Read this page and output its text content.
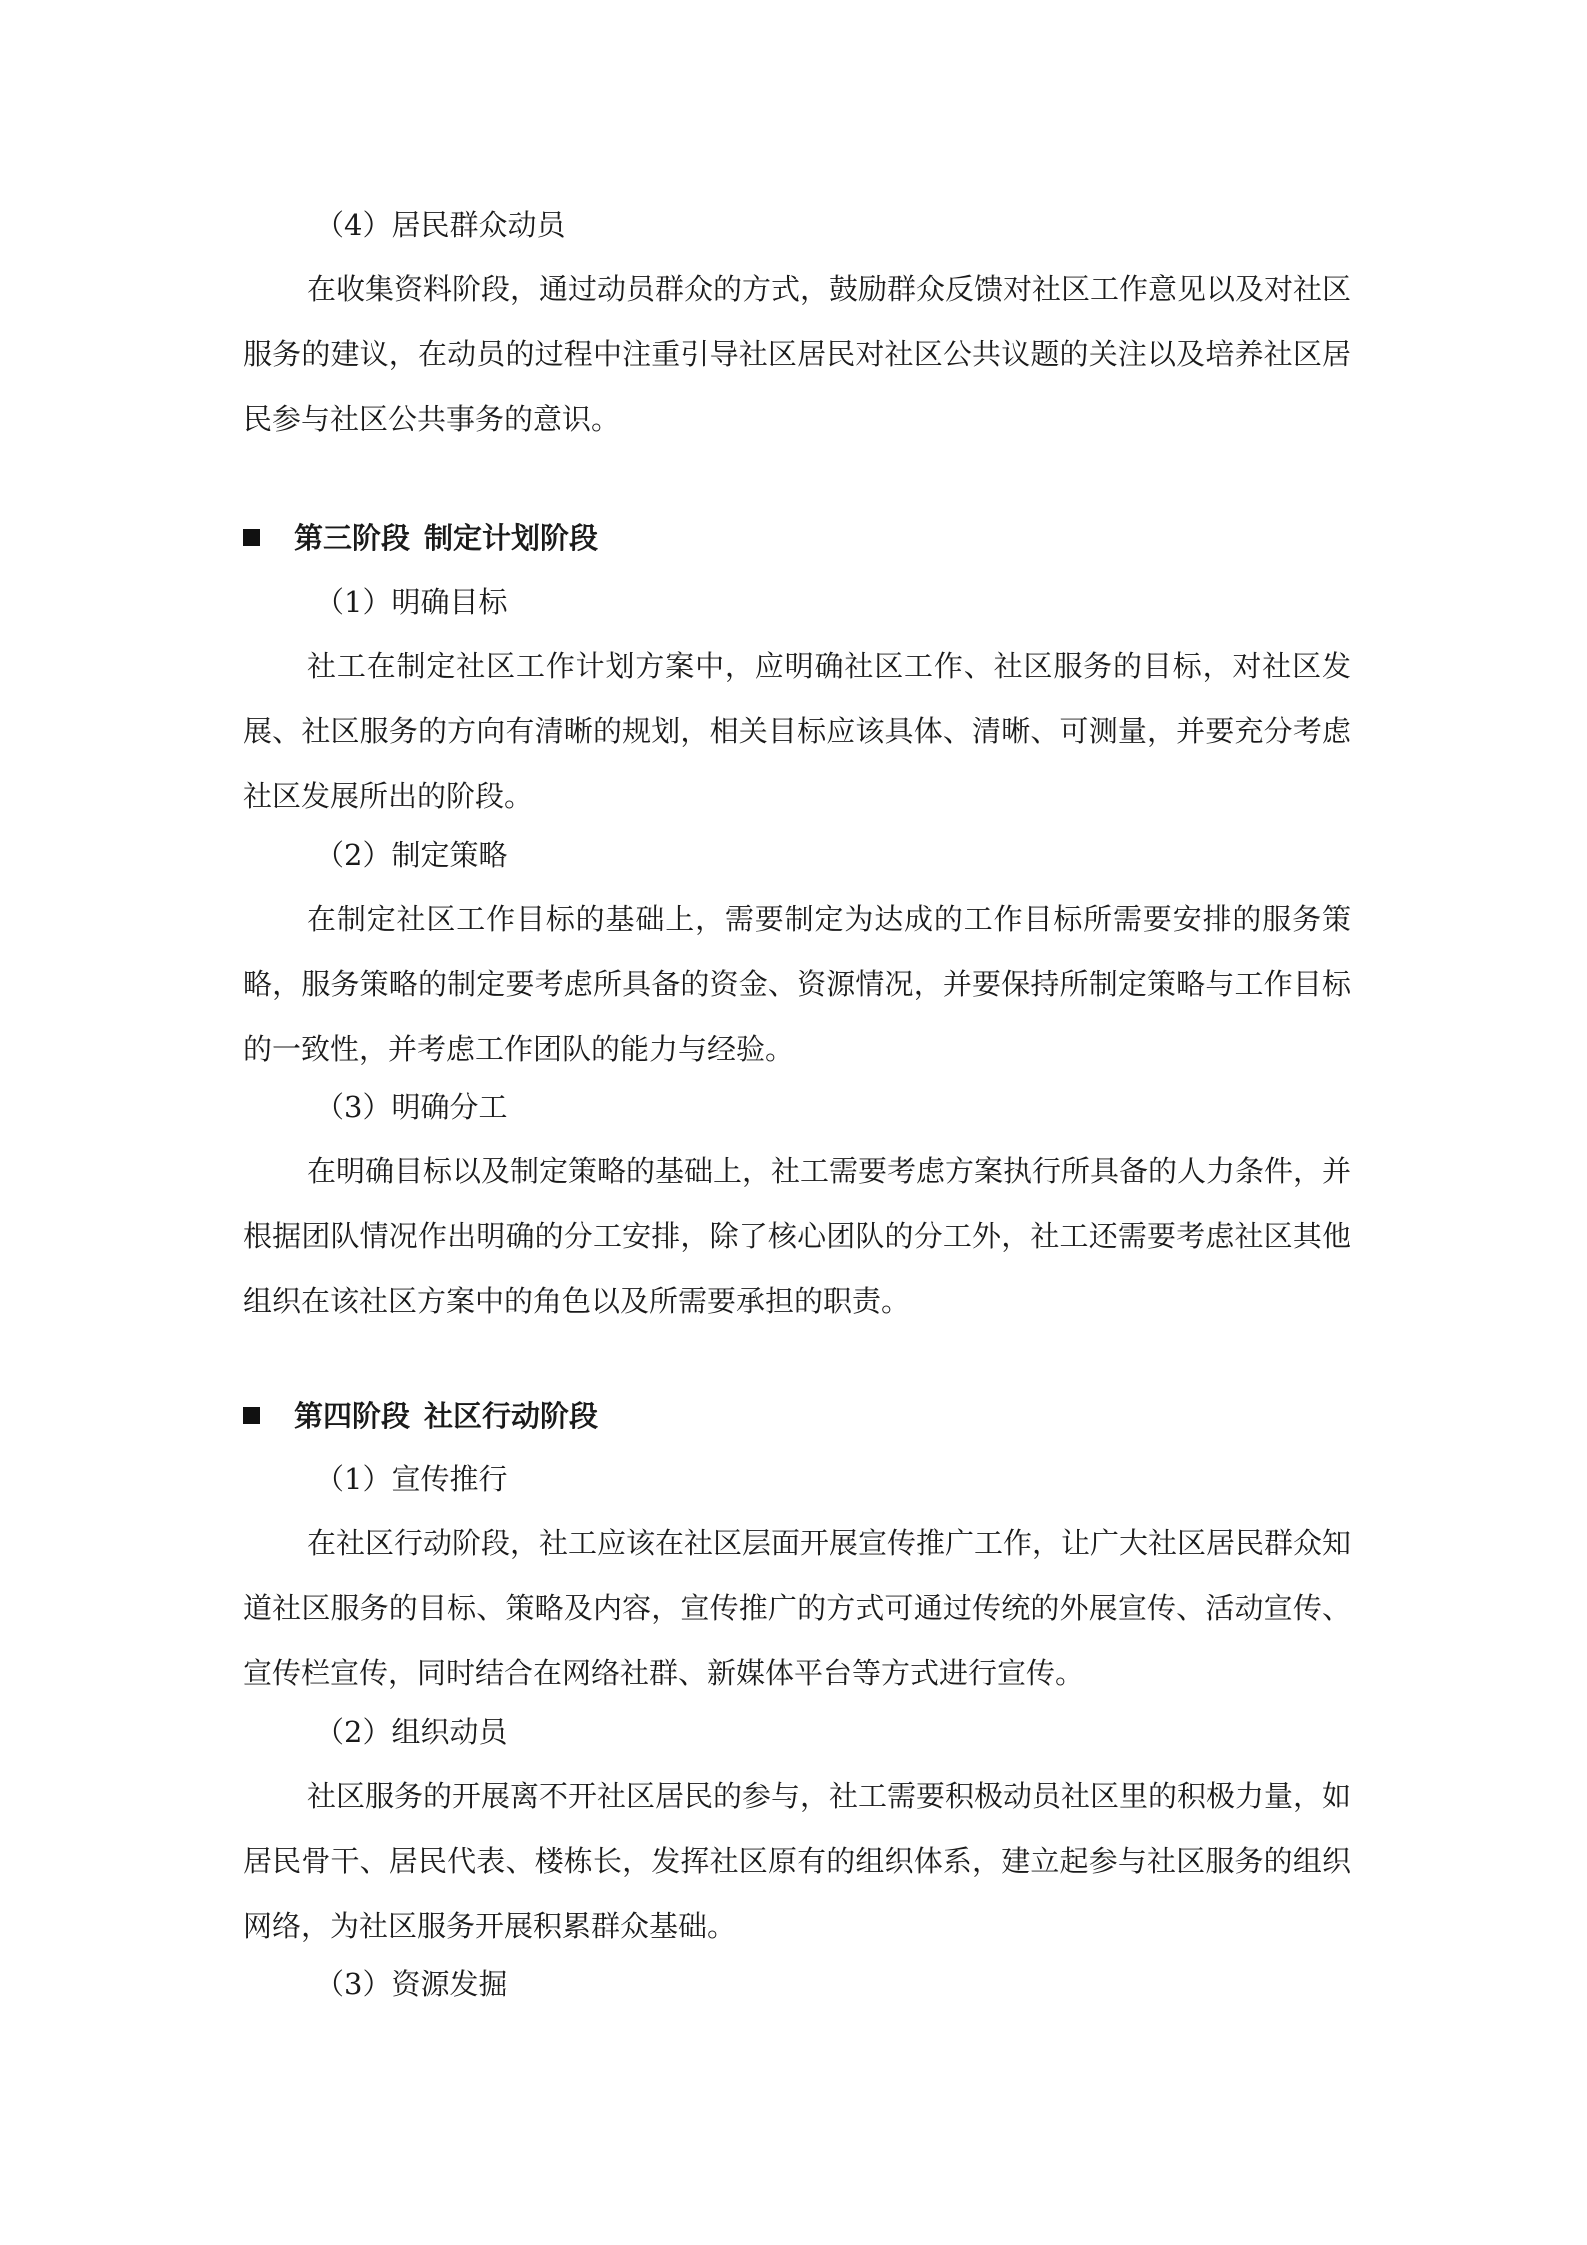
（4）居民群众动员

在收集资料阶段，通过动员群众的方式，鼓励群众反馈对社区工作意见以及对社区服务的建议，在动员的过程中注重引导社区居民对社区公共议题的关注以及培养社区居民参与社区公共事务的意识。

第三阶段 制定计划阶段

（1）明确目标

社工在制定社区工作计划方案中，应明确社区工作、社区服务的目标，对社区发展、社区服务的方向有清晰的规划，相关目标应该具体、清晰、可测量，并要充分考虑社区发展所出的阶段。

（2）制定策略

在制定社区工作目标的基础上，需要制定为达成的工作目标所需要安排的服务策略，服务策略的制定要考虑所具备的资金、资源情况，并要保持所制定策略与工作目标的一致性，并考虑工作团队的能力与经验。

（3）明确分工

在明确目标以及制定策略的基础上，社工需要考虑方案执行所具备的人力条件，并根据团队情况作出明确的分工安排，除了核心团队的分工外，社工还需要考虑社区其他组织在该社区方案中的角色以及所需要承担的职责。

第四阶段 社区行动阶段

（1）宣传推行

在社区行动阶段，社工应该在社区层面开展宣传推广工作，让广大社区居民群众知道社区服务的目标、策略及内容，宣传推广的方式可通过传统的外展宣传、活动宣传、宣传栏宣传，同时结合在网络社群、新媒体平台等方式进行宣传。

（2）组织动员

社区服务的开展离不开社区居民的参与，社工需要积极动员社区里的积极力量，如居民骨干、居民代表、楼栋长，发挥社区原有的组织体系，建立起参与社区服务的组织网络，为社区服务开展积累群众基础。

（3）资源发掘
